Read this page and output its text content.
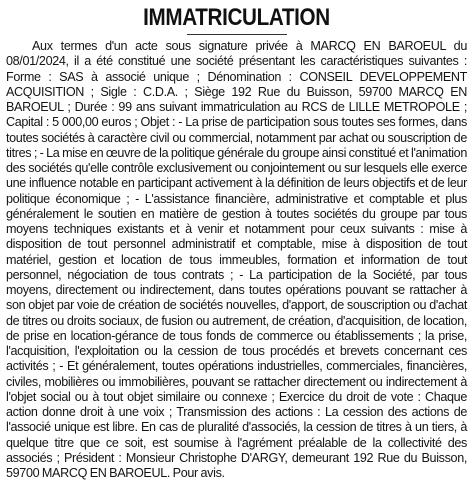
IMMATRICULATION

Aux termes d'un acte sous signature privée à MARCQ EN BAROEUL du 08/01/2024, il a été constitué une société présentant les caractéristiques suivantes : Forme : SAS à associé unique ; Dénomination : CONSEIL DEVELOPPEMENT ACQUISITION ; Sigle : C.D.A. ; Siège 192 Rue du Buisson, 59700 MARCQ EN BAROEUL ; Durée : 99 ans suivant immatriculation au RCS de LILLE METROPOLE ; Capital : 5 000,00 euros ; Objet : - La prise de participation sous toutes ses formes, dans toutes sociétés à caractère civil ou commercial, notamment par achat ou souscription de titres ; - La mise en œuvre de la politique générale du groupe ainsi constitué et l'animation des sociétés qu'elle contrôle exclusivement ou conjointement ou sur lesquels elle exerce une influence notable en participant activement à la définition de leurs objectifs et de leur politique économique ; - L'assistance financière, administrative et comptable et plus généralement le soutien en matière de gestion à toutes sociétés du groupe par tous moyens techniques existants et à venir et notamment pour ceux suivants : mise à disposition de tout personnel administratif et comptable, mise à disposition de tout matériel, gestion et location de tous immeubles, formation et information de tout personnel, négociation de tous contrats ; - La participation de la Société, par tous moyens, directement ou indirectement, dans toutes opérations pouvant se rattacher à son objet par voie de création de sociétés nouvelles, d'apport, de souscription ou d'achat de titres ou droits sociaux, de fusion ou autrement, de création, d'acquisition, de location, de prise en location-gérance de tous fonds de commerce ou établissements ; la prise, l'acquisition, l'exploitation ou la cession de tous procédés et brevets concernant ces activités ; - Et généralement, toutes opérations industrielles, commerciales, financières, civiles, mobilières ou immobilières, pouvant se rattacher directement ou indirectement à l'objet social ou à tout objet similaire ou connexe ; Exercice du droit de vote : Chaque action donne droit à une voix ; Transmission des actions : La cession des actions de l'associé unique est libre. En cas de pluralité d'associés, la cession de titres à un tiers, à quelque titre que ce soit, est soumise à l'agrément préalable de la collectivité des associés ; Président : Monsieur Christophe D'ARGY, demeurant 192 Rue du Buisson, 59700 MARCQ EN BAROEUL. Pour avis.
